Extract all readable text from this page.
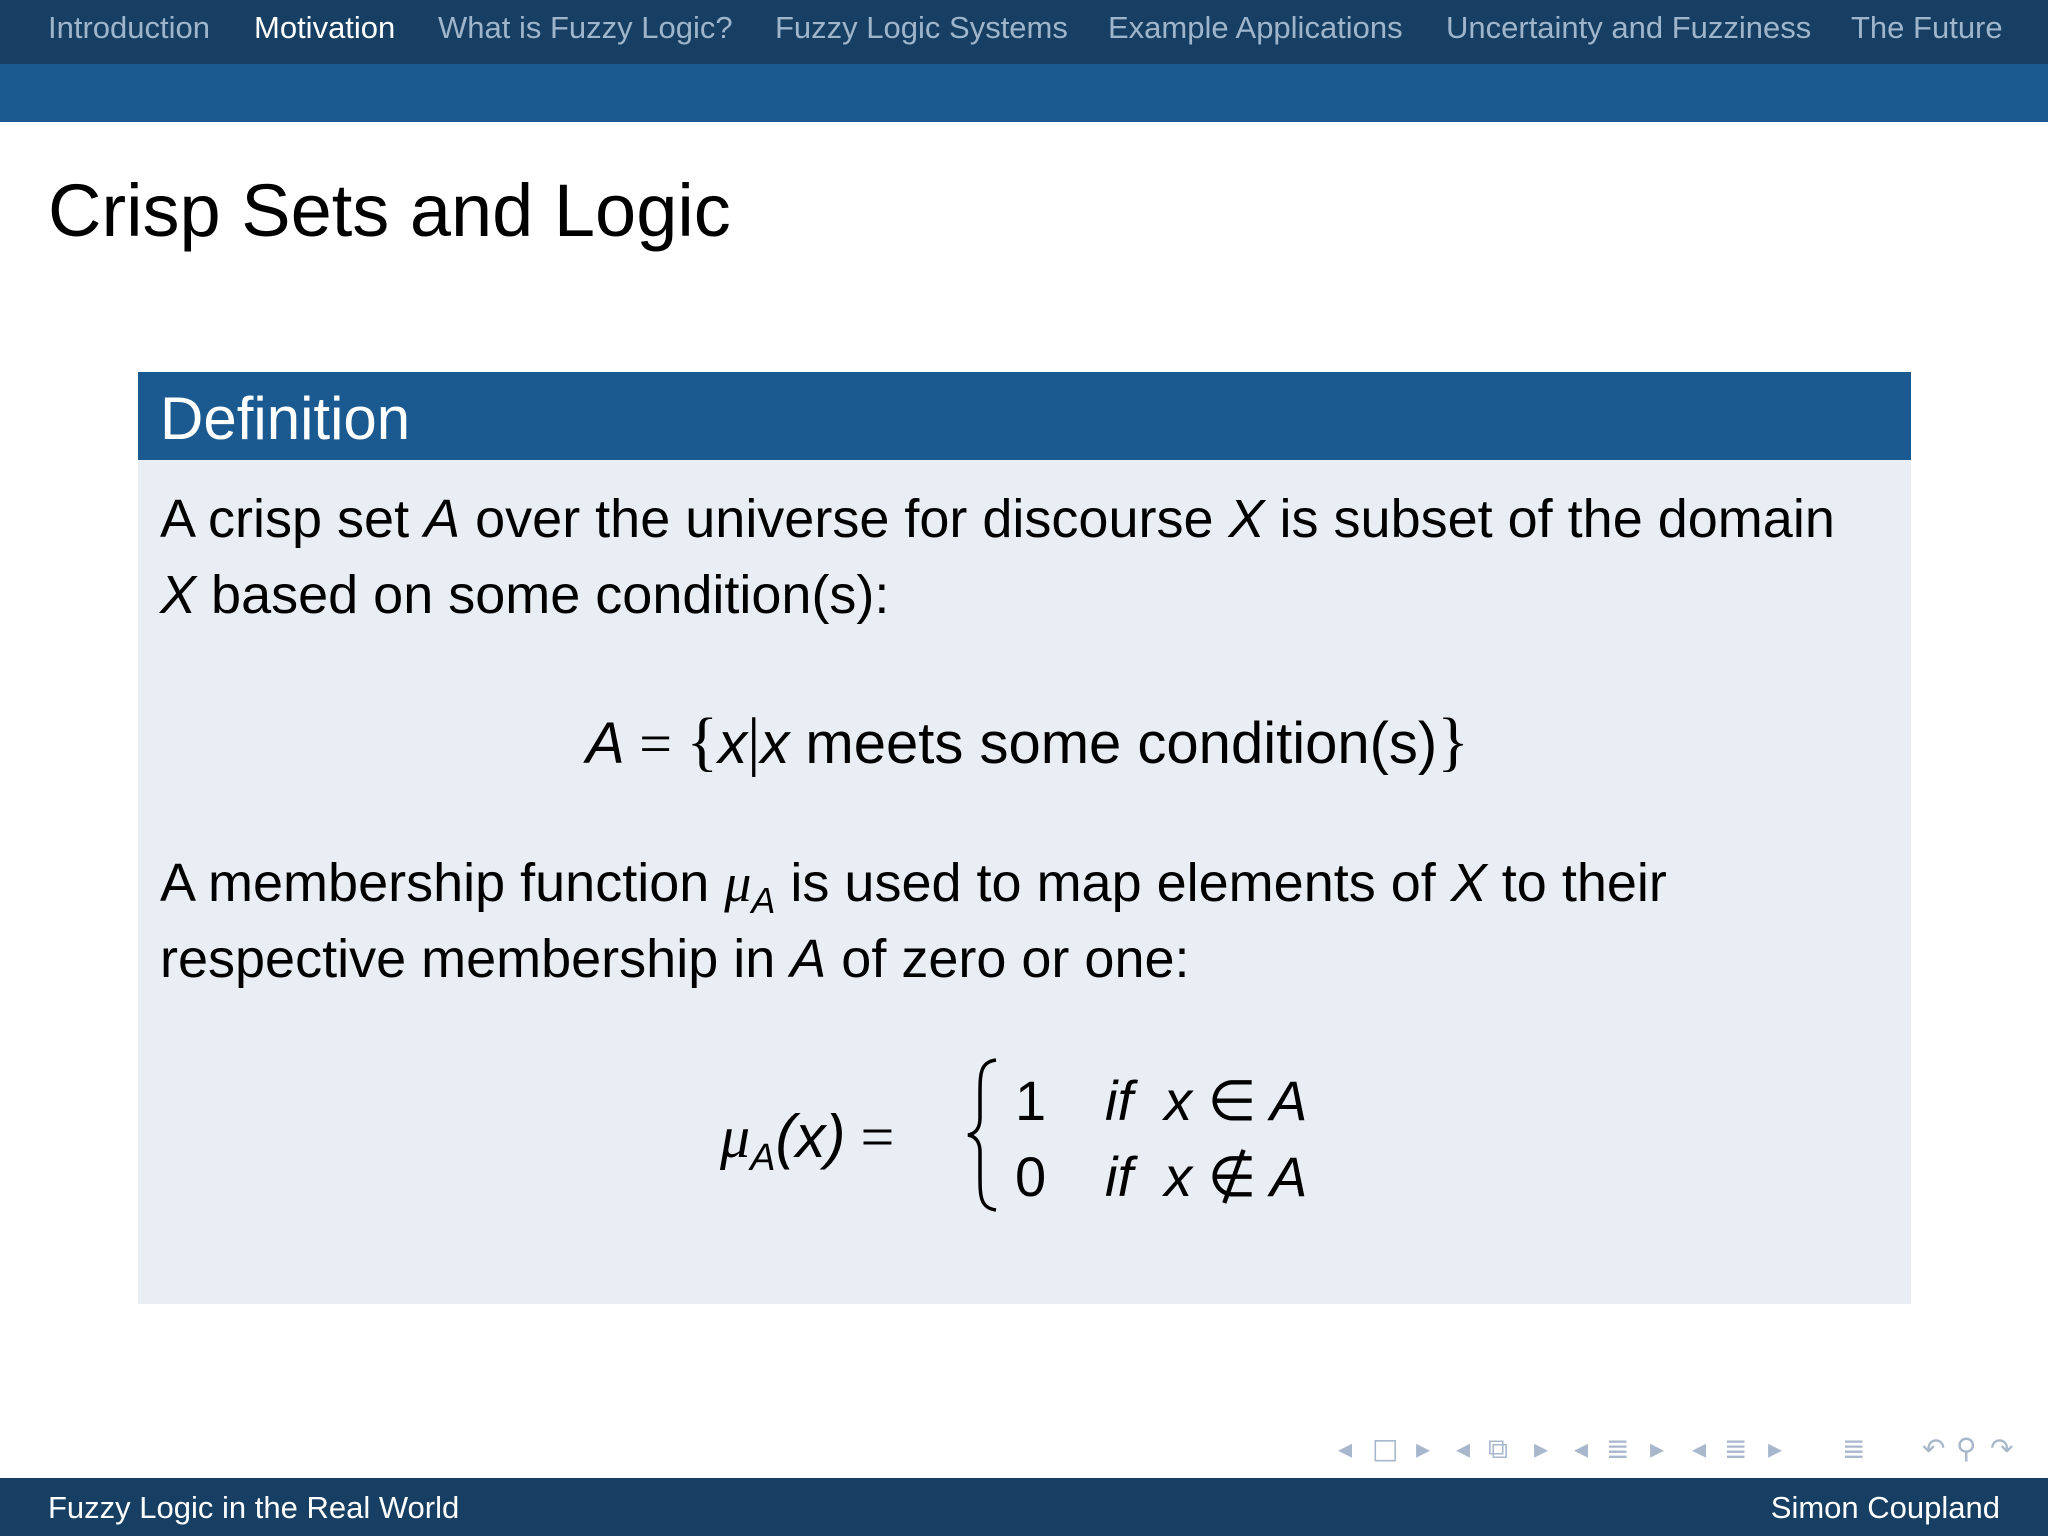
Introduction Motivation What is Fuzzy Logic? Fuzzy Logic Systems Example Applications Uncertainty and Fuzziness The Future
Crisp Sets and Logic
Definition
A crisp set A over the universe for discourse X is subset of the domain
X based on some condition(s):
A = {x|x meets some condition(s)}
A membership function $\mu_A$ is used to map elements of X to their
respective membership in A of zero or one:
$\mu_A(x)$ =
1 if  x ∈ A
0 if  x ∉ A
◂ □ ▸ ◂ ⧉ ▸ ◂ ≣ ▸ ◂ ≣ ▸ ≣ ↶ ⚲ ↷
Fuzzy Logic in the Real World	Simon Coupland
